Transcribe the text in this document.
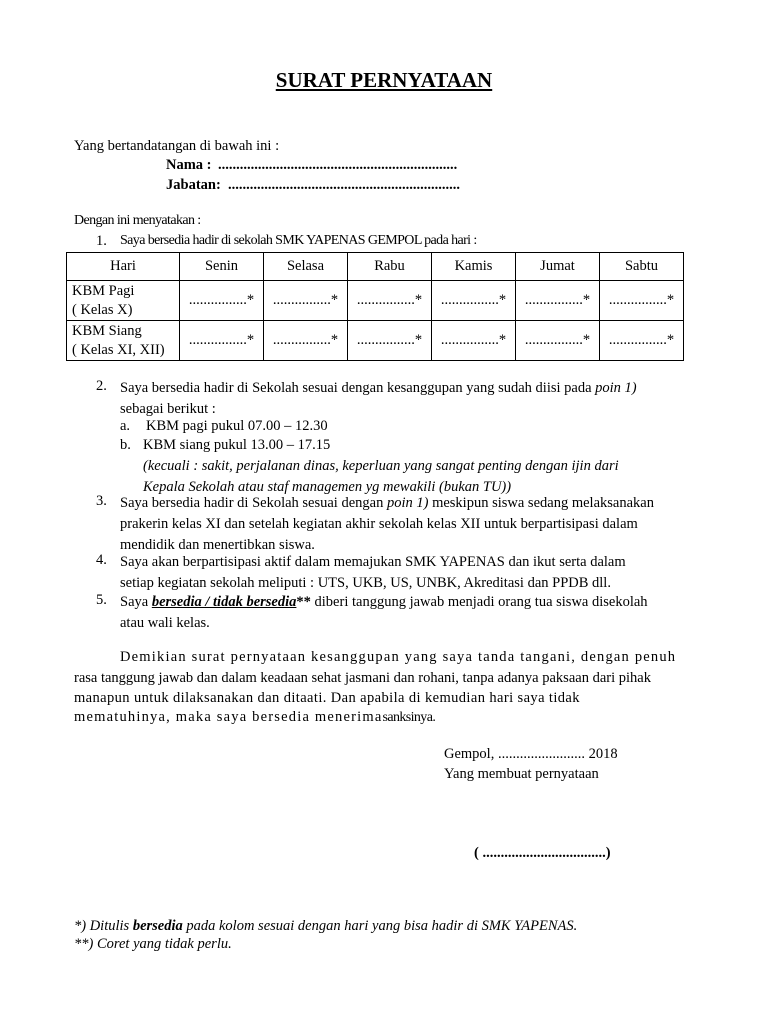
SURAT PERNYATAAN
Yang bertandatangan di bawah ini :
Nama : ..................................................................
Jabatan: ................................................................
Dengan ini menyatakan :
1. Saya bersedia hadir di sekolah SMK YAPENAS GEMPOL pada hari :
Hari	Senin	Selasa	Rabu	Kamis	Jumat	Sabtu

KBM Pagi
( Kelas X)	................*	................*	................*	................*	................*	................*

KBM Siang
( Kelas XI, XII)	................*	................*	................*	................*	................*	................*
2. Saya bersedia hadir di Sekolah sesuai dengan kesanggupan yang sudah diisi pada poin 1)
sebagai berikut :
a. KBM pagi pukul 07.00 – 12.30
b. KBM siang pukul 13.00 – 17.15
(kecuali : sakit, perjalanan dinas, keperluan yang sangat penting dengan ijin dari
Kepala Sekolah atau staf managemen yg mewakili (bukan TU))
3. Saya bersedia hadir di Sekolah sesuai dengan poin 1) meskipun siswa sedang melaksanakan
prakerin kelas XI dan setelah kegiatan akhir sekolah kelas XII untuk berpartisipasi dalam
mendidik dan menertibkan siswa.
4. Saya akan berpartisipasi aktif dalam memajukan SMK YAPENAS dan ikut serta dalam
setiap kegiatan sekolah meliputi : UTS, UKB, US, UNBK, Akreditasi dan PPDB dll.
5. Saya bersedia / tidak bersedia** diberi tanggung jawab menjadi orang tua siswa disekolah
atau wali kelas.
Demikian surat pernyataan kesanggupan yang saya tanda tangani, dengan penuh
rasa tanggung jawab dan dalam keadaan sehat jasmani dan rohani, tanpa adanya paksaan dari pihak
manapun untuk dilaksanakan dan ditaati. Dan apabila di kemudian hari saya tidak
mematuhinya, maka saya bersedia menerimasanksinya.
Gempol, ........................ 2018
Yang membuat pernyataan
( ..................................)
*) Ditulis bersedia pada kolom sesuai dengan hari yang bisa hadir di SMK YAPENAS.
**) Coret yang tidak perlu.
